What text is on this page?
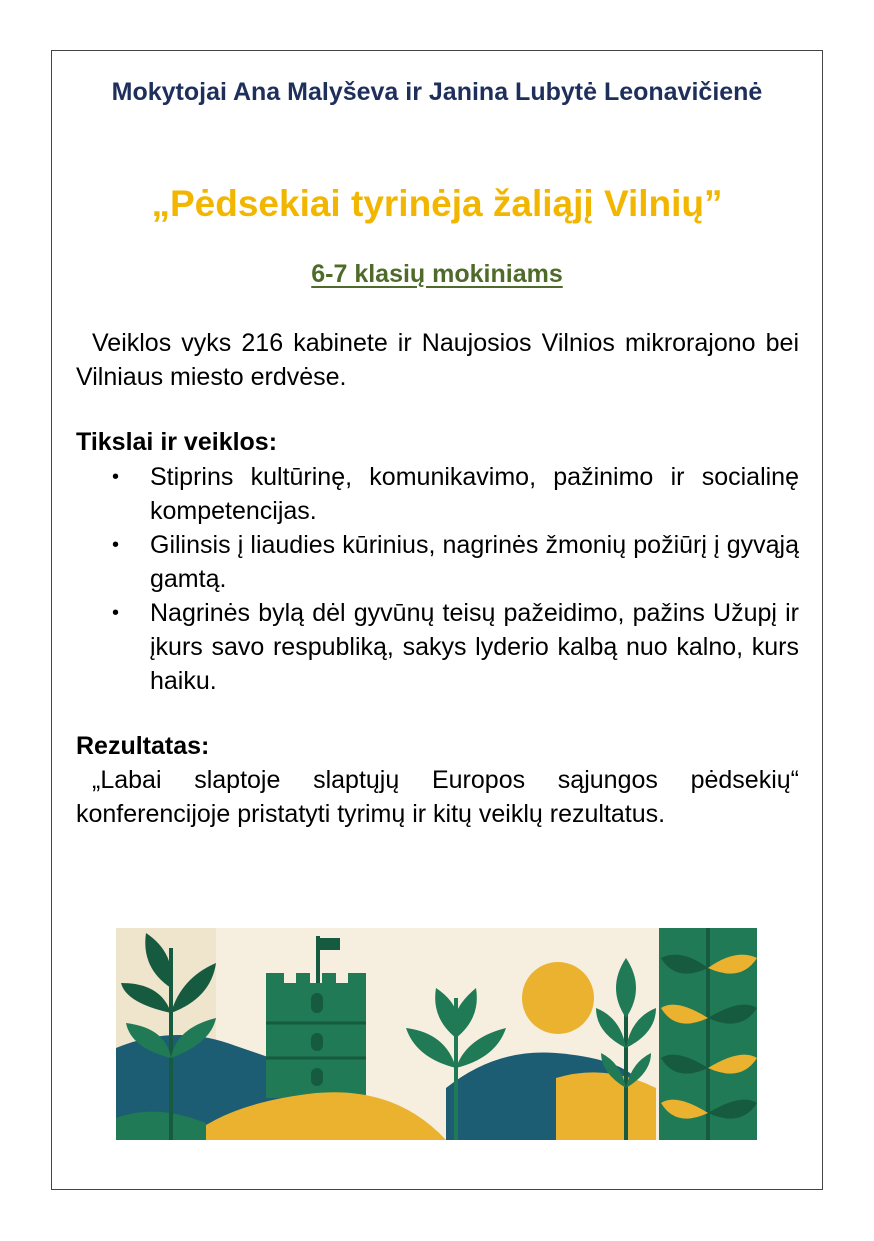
Mokytojai Ana Malyševa ir Janina Lubytė Leonavičienė
„Pėdsekiai tyrinėja žaliąjį Vilnių”
6-7 klasių mokiniams
Veiklos vyks 216 kabinete ir Naujosios Vilnios mikrorajono bei Vilniaus miesto erdvėse.
Tikslai ir veiklos:
• Stiprins kultūrinę, komunikavimo, pažinimo ir socialinę kompetencijas.
• Gilinsis į liaudies kūrinius, nagrinės žmonių požiūrį į gyvąją gamtą.
• Nagrinės bylą dėl gyvūnų teisų pažeidimo, pažins Užupį ir įkurs savo respubliką, sakys lyderio kalbą nuo kalno, kurs haiku.
Rezultatas:
„Labai slaptoje slaptųjų Europos sąjungos pėdsekių“ konferencijoje pristatyti tyrimų ir kitų veiklų rezultatus.
